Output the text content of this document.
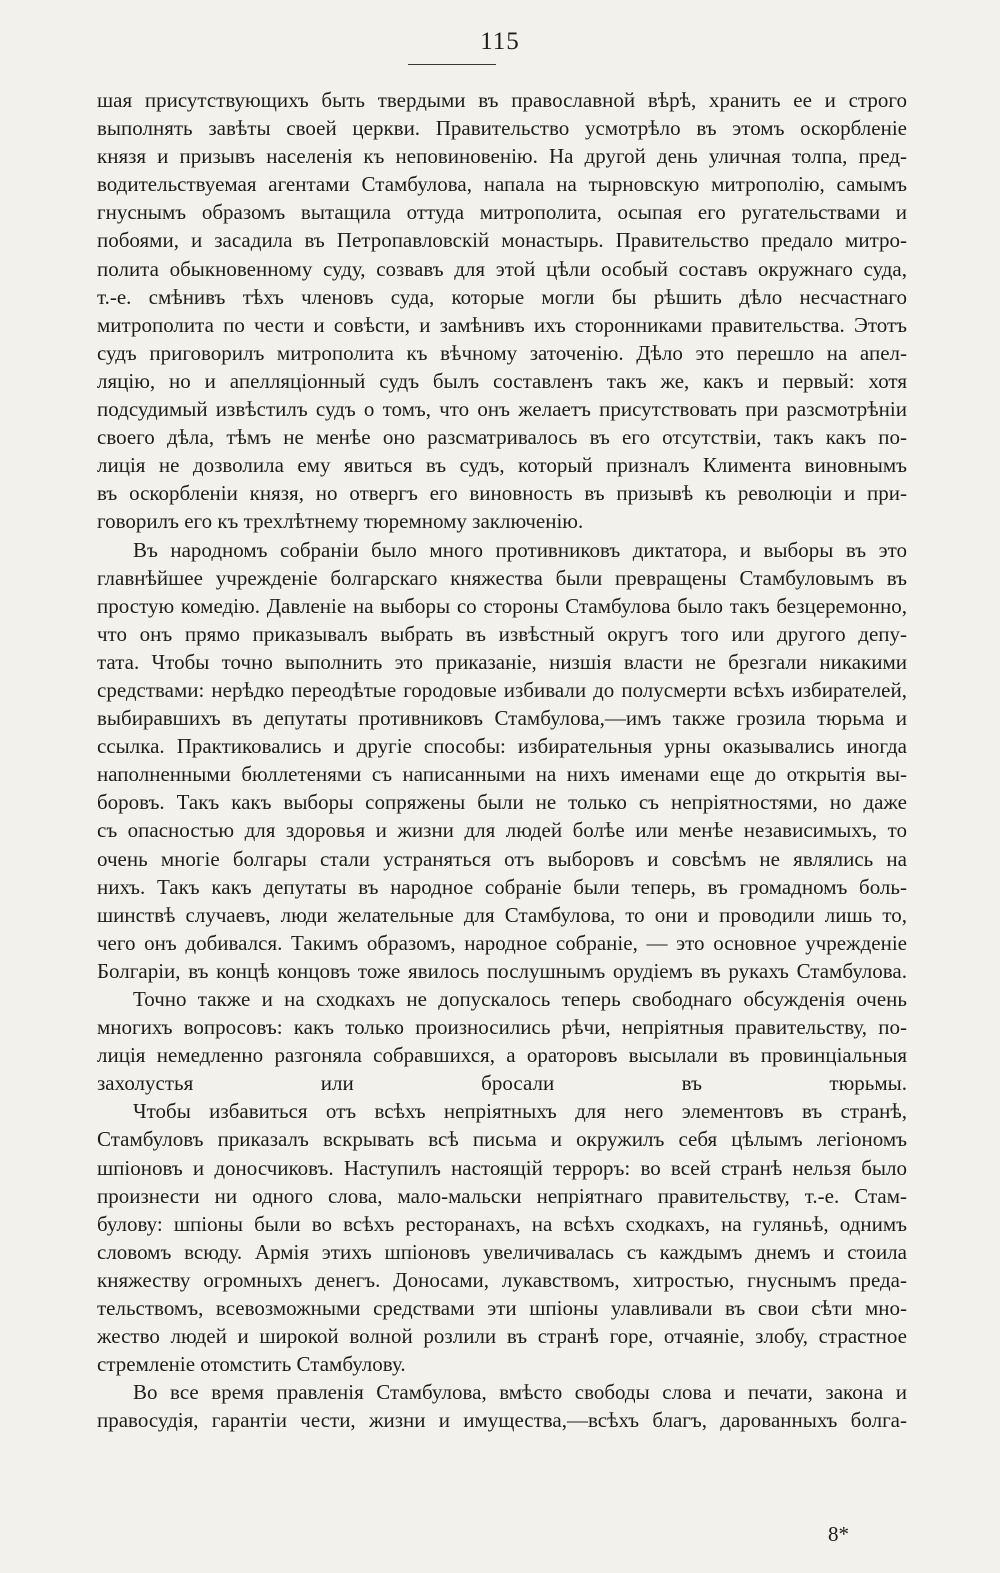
115
шая присутствующихъ быть твердыми въ православной вѣрѣ, хранить ее и строго
выполнять завѣты своей церкви. Правительство усмотрѣло въ этомъ оскорбленіе
князя и призывъ населенія къ неповиновенію. На другой день уличная толпа, пред-
водительствуемая агентами Стамбулова, напала на тырновскую митрополію, самымъ
гнуснымъ образомъ вытащила оттуда митрополита, осыпая его ругательствами и
побоями, и засадила въ Петропавловскій монастырь. Правительство предало митро-
полита обыкновенному суду, созвавъ для этой цѣли особый составъ окружнаго суда,
т.-е. смѣнивъ тѣхъ членовъ суда, которые могли бы рѣшить дѣло несчастнаго
митрополита по чести и совѣсти, и замѣнивъ ихъ сторонниками правительства. Этотъ
судъ приговорилъ митрополита къ вѣчному заточенію. Дѣло это перешло на апел-
ляцію, но и апелляціонный судъ былъ составленъ такъ же, какъ и первый: хотя
подсудимый извѣстилъ судъ о томъ, что онъ желаетъ присутствовать при разсмотрѣніи
своего дѣла, тѣмъ не менѣе оно разсматривалось въ его отсутствіи, такъ какъ по-
лиція не дозволила ему явиться въ судъ, который призналъ Климента виновнымъ
въ оскорбленіи князя, но отвергъ его виновность въ призывѣ къ революціи и при-
говорилъ его къ трехлѣтнему тюремному заключенію.
Въ народномъ собраніи было много противниковъ диктатора, и выборы въ это
главнѣйшее учрежденіе болгарскаго княжества были превращены Стамбуловымъ въ
простую комедію. Давленіе на выборы со стороны Стамбулова было такъ безцеремонно,
что онъ прямо приказывалъ выбрать въ извѣстный округъ того или другого депу-
тата. Чтобы точно выполнить это приказаніе, низшія власти не брезгали никакими
средствами: нерѣдко переодѣтые городовые избивали до полусмерти всѣхъ избирателей,
выбиравшихъ въ депутаты противниковъ Стамбулова,—имъ также грозила тюрьма и
ссылка. Практиковались и другіе способы: избирательныя урны оказывались иногда
наполненными бюллетенями съ написанными на нихъ именами еще до открытія вы-
боровъ. Такъ какъ выборы сопряжены были не только съ непріятностями, но даже
съ опасностью для здоровья и жизни для людей болѣе или менѣе независимыхъ, то
очень многіе болгары стали устраняться отъ выборовъ и совсѣмъ не являлись на
нихъ. Такъ какъ депутаты въ народное собраніе были теперь, въ громадномъ боль-
шинствѣ случаевъ, люди желательные для Стамбулова, то они и проводили лишь то,
чего онъ добивался. Такимъ образомъ, народное собраніе, — это основное учрежденіе
Болгаріи, въ концѣ концовъ тоже явилось послушнымъ орудіемъ въ рукахъ Стамбулова.
Точно также и на сходкахъ не допускалось теперь свободнаго обсужденія очень
многихъ вопросовъ: какъ только произносились рѣчи, непріятныя правительству, по-
лиція немедленно разгоняла собравшихся, а ораторовъ высылали въ провинціальныя
захолустья или бросали въ тюрьмы.
Чтобы избавиться отъ всѣхъ непріятныхъ для него элементовъ въ странѣ,
Стамбуловъ приказалъ вскрывать всѣ письма и окружилъ себя цѣлымъ легіономъ
шпіоновъ и доносчиковъ. Наступилъ настоящій терроръ: во всей странѣ нельзя было
произнести ни одного слова, мало-мальски непріятнаго правительству, т.-е. Стам-
булову: шпіоны были во всѣхъ ресторанахъ, на всѣхъ сходкахъ, на гуляньѣ, однимъ
словомъ всюду. Армія этихъ шпіоновъ увеличивалась съ каждымъ днемъ и стоила
княжеству огромныхъ денегъ. Доносами, лукавствомъ, хитростью, гнуснымъ преда-
тельствомъ, всевозможными средствами эти шпіоны улавливали въ свои сѣти мно-
жество людей и широкой волной розлили въ странѣ горе, отчаяніе, злобу, страстное
стремленіе отомстить Стамбулову.
Во все время правленія Стамбулова, вмѣсто свободы слова и печати, закона и
правосудія, гарантіи чести, жизни и имущества,—всѣхъ благъ, дарованныхъ болга-
8*
